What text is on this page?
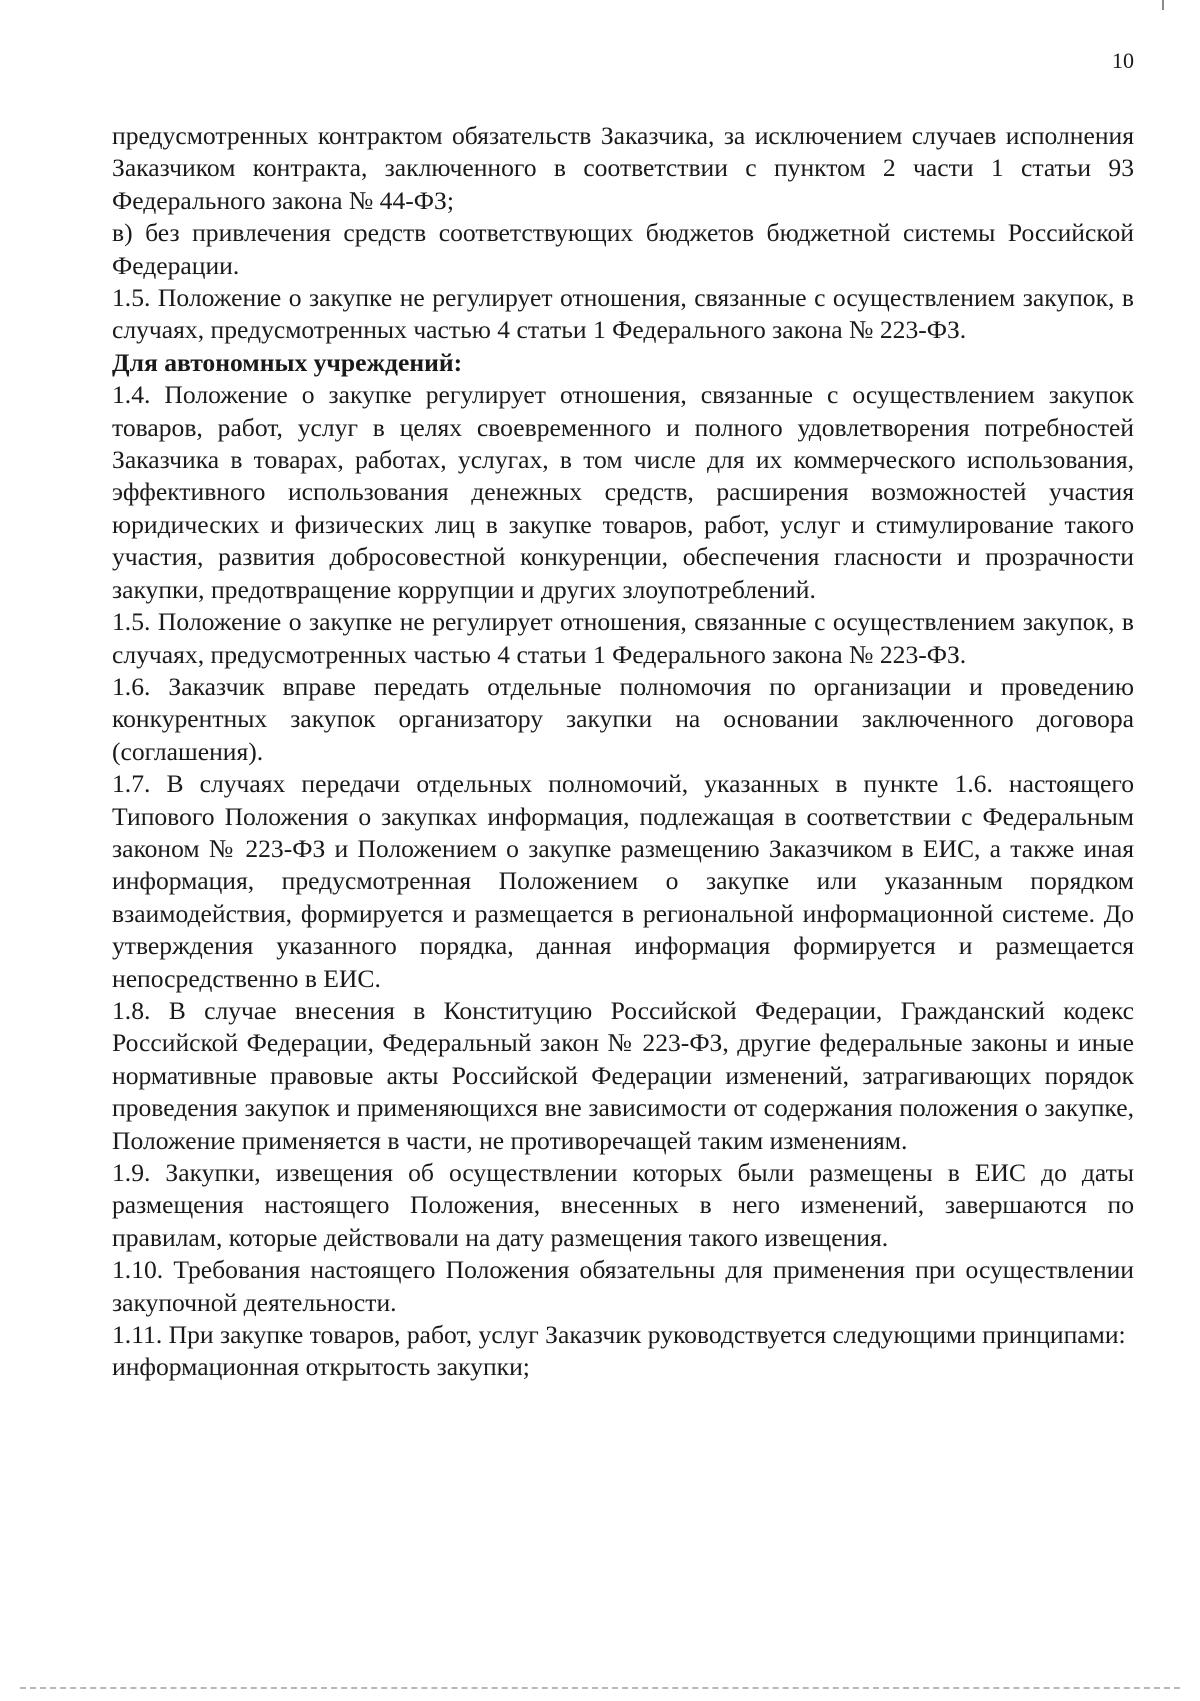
10

предусмотренных контрактом обязательств Заказчика, за исключением случаев исполнения Заказчиком контракта, заключенного в соответствии с пунктом 2 части 1 статьи 93 Федерального закона № 44-ФЗ;

в) без привлечения средств соответствующих бюджетов бюджетной системы Российской Федерации.

1.5. Положение о закупке не регулирует отношения, связанные с осуществлением закупок, в случаях, предусмотренных частью 4 статьи 1 Федерального закона № 223-ФЗ.

Для автономных учреждений:

1.4. Положение о закупке регулирует отношения, связанные с осуществлением закупок товаров, работ, услуг в целях своевременного и полного удовлетворения потребностей Заказчика в товарах, работах, услугах, в том числе для их коммерческого использования, эффективного использования денежных средств, расширения возможностей участия юридических и физических лиц в закупке товаров, работ, услуг и стимулирование такого участия, развития добросовестной конкуренции, обеспечения гласности и прозрачности закупки, предотвращение коррупции и других злоупотреблений.

1.5. Положение о закупке не регулирует отношения, связанные с осуществлением закупок, в случаях, предусмотренных частью 4 статьи 1 Федерального закона № 223-ФЗ.

1.6. Заказчик вправе передать отдельные полномочия по организации и проведению конкурентных закупок организатору закупки на основании заключенного договора (соглашения).

1.7. В случаях передачи отдельных полномочий, указанных в пункте 1.6. настоящего Типового Положения о закупках информация, подлежащая в соответствии с Федеральным законом № 223-ФЗ и Положением о закупке размещению Заказчиком в ЕИС, а также иная информация, предусмотренная Положением о закупке или указанным порядком взаимодействия, формируется и размещается в региональной информационной системе. До утверждения указанного порядка, данная информация формируется и размещается непосредственно в ЕИС.

1.8. В случае внесения в Конституцию Российской Федерации, Гражданский кодекс Российской Федерации, Федеральный закон № 223-ФЗ, другие федеральные законы и иные нормативные правовые акты Российской Федерации изменений, затрагивающих порядок проведения закупок и применяющихся вне зависимости от содержания положения о закупке, Положение применяется в части, не противоречащей таким изменениям.

1.9. Закупки, извещения об осуществлении которых были размещены в ЕИС до даты размещения настоящего Положения, внесенных в него изменений, завершаются по правилам, которые действовали на дату размещения такого извещения.

1.10. Требования настоящего Положения обязательны для применения при осуществлении закупочной деятельности.

1.11. При закупке товаров, работ, услуг Заказчик руководствуется следующими принципами:

информационная открытость закупки;
